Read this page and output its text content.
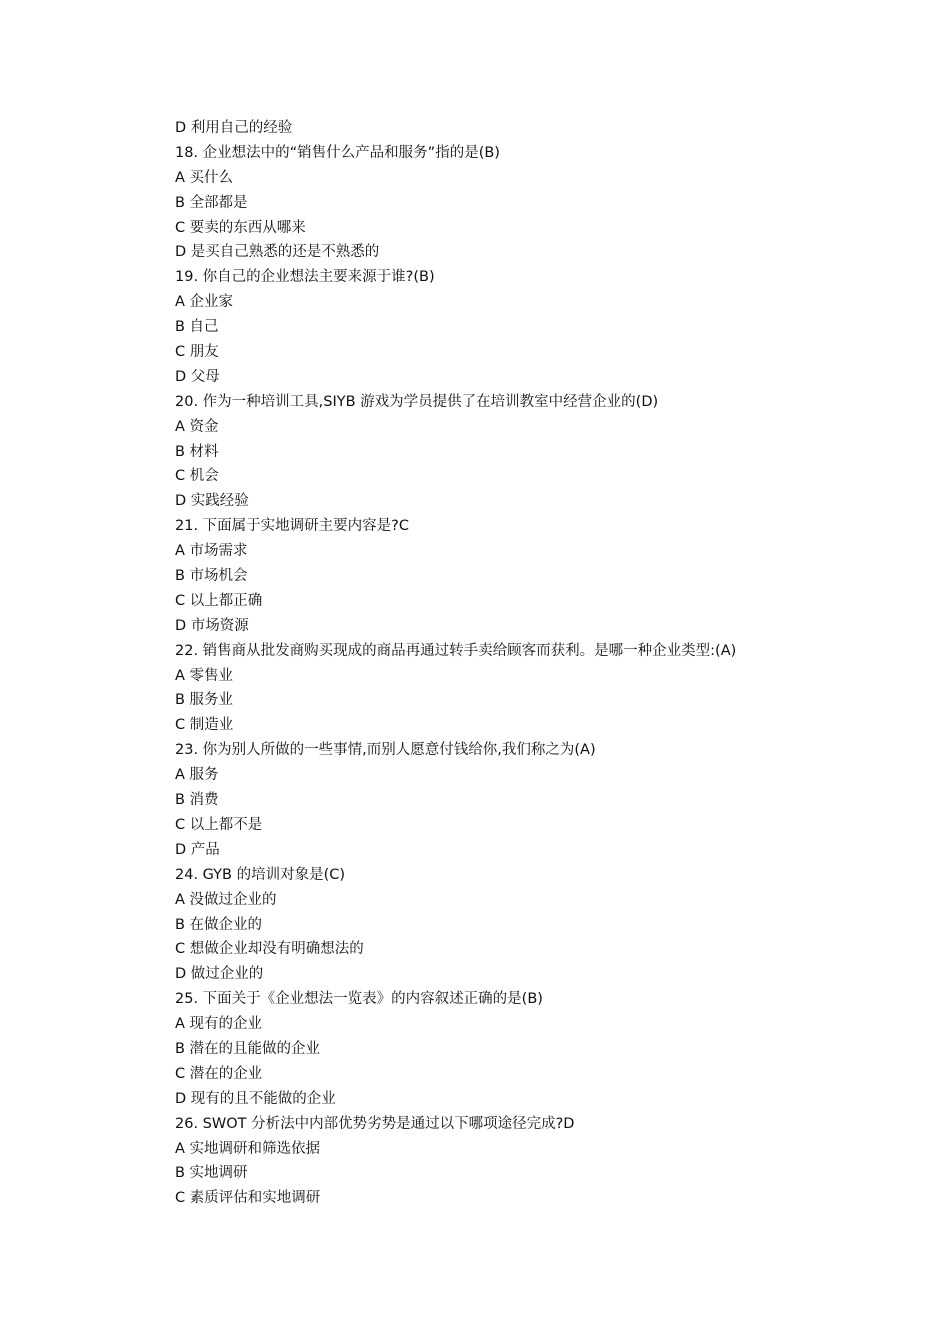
D 利用自己的经验
18. 企业想法中的“销售什么产品和服务”指的是(B)
A 买什么
B 全部都是
C 要卖的东西从哪来
D 是买自己熟悉的还是不熟悉的
19. 你自己的企业想法主要来源于谁?(B)
A 企业家
B 自己
C 朋友
D 父母
20. 作为一种培训工具,SIYB 游戏为学员提供了在培训教室中经营企业的(D)
A 资金
B 材料
C 机会
D 实践经验
21. 下面属于实地调研主要内容是?C
A 市场需求
B 市场机会
C 以上都正确
D 市场资源
22. 销售商从批发商购买现成的商品再通过转手卖给顾客而获利。是哪一种企业类型:(A)
A 零售业
B 服务业
C 制造业
23. 你为别人所做的一些事情,而别人愿意付钱给你,我们称之为(A)
A 服务
B 消费
C 以上都不是
D 产品
24. GYB 的培训对象是(C)
A 没做过企业的
B 在做企业的
C 想做企业却没有明确想法的
D 做过企业的
25. 下面关于《企业想法一览表》的内容叙述正确的是(B)
A 现有的企业
B 潜在的且能做的企业
C 潜在的企业
D 现有的且不能做的企业
26. SWOT 分析法中内部优势劣势是通过以下哪项途径完成?D
A 实地调研和筛选依据
B 实地调研
C 素质评估和实地调研
